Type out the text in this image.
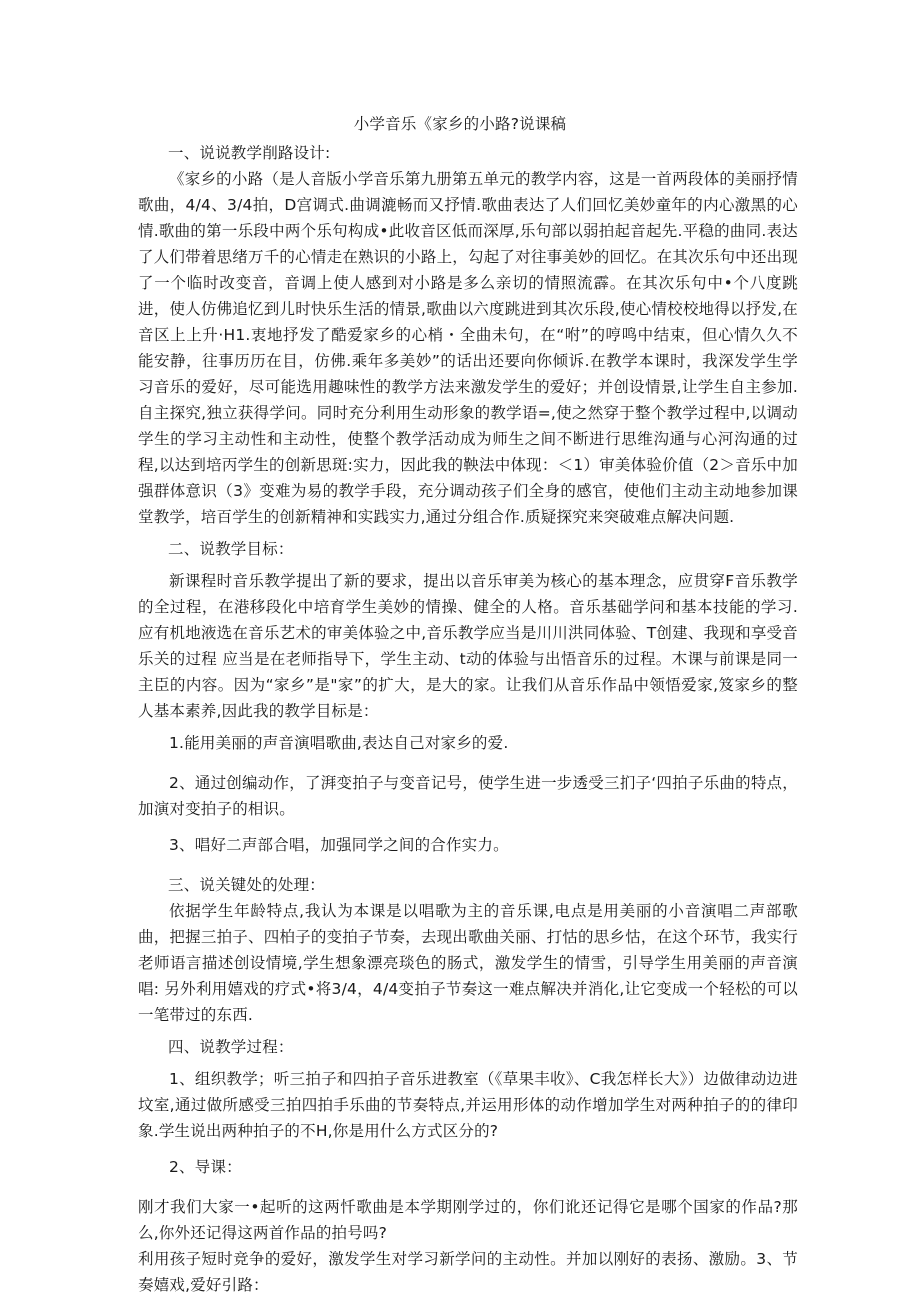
小学音乐《家乡的小路?说课稿
一、说说教学削路设计:
《家乡的小路（是人音版小学音乐第九册第五单元的教学内容，这是一首两段体的美丽抒情歌曲，4/4、3/4拍，D宫调式.曲调漉畅而又抒情.歌曲表达了人们回忆美妙童年的内心激黑的心情.歌曲的第一乐段中两个乐句构成•此收音区低而深厚,乐句部以弱拍起音起先.平稳的曲同.表达了人们带着思绪万千的心情走在熟识的小路上，勾起了对往事美妙的回忆。在其次乐句中还出现了一个临时改变音，音调上使人感到对小路是多么亲切的情照流霹。在其次乐句中•个八度跳进，使人仿佛追忆到儿时快乐生活的情景,歌曲以六度跳进到其次乐段,使心情校校地得以抒发,在音区上上升·H1.衷地抒发了酷爱家乡的心梢・全曲未句，在“咐”的哼鸣中结束，但心情久久不能安静，往事历历在目，仿佛.乘年多美妙”的话出还要向你倾诉.在教学本课时，我深发学生学习音乐的爱好，尽可能选用趣味性的教学方法来激发学生的爱好；并创设情景,让学生自主参加.自主探究,独立获得学问。同时充分利用生动形象的教学语=,使之然穿于整个教学过程中,以调动学生的学习主动性和主动性，使整个教学活动成为师生之间不断进行思维沟通与心河沟通的过程,以达到培丙学生的创新思斑:实力，因此我的鞅法中体现：＜1）审美体验价值（2＞音乐中加强群体意识（3》变难为易的教学手段，充分调动孩子们全身的感官，使他们主动主动地参加课堂教学，培百学生的创新精神和实践实力,通过分组合作.质疑探究来突破难点解决问题.
二、说教学目标：
新课程时音乐教学提出了新的要求，提出以音乐审美为核心的基本理念，应贯穿F音乐教学的全过程，在港移段化中培育学生美妙的情操、健全的人格。音乐基础学问和基本技能的学习.应有机地液选在音乐艺术的审美体验之中,音乐教学应当是川川洪同体验、T创建、我现和享受音乐关的过程 应当是在老师指导下，学生主动、t动的体验与出悟音乐的过程。木课与前课是同一主臣的内容。因为“家乡”是"家”的扩大，是大的家。让我们从音乐作品中领悟爱家,笈家乡的整人基本素养,因此我的教学目标是：
1.能用美丽的声音演唱歌曲,表达自己对家乡的爱.
2、通过创编动作，了湃变拍子与变音记号，使学生进一步透受三扪子‘四拍子乐曲的特点，加演对变拍子的相识。
3、唱好二声部合唱，加强同学之间的合作实力。
三、说关键处的处理：
依据学生年龄特点,我认为本课是以唱歌为主的音乐课,电点是用美丽的小音演唱二声部歌曲，把握三拍子、四柏子的变拍子节奏，去现出歌曲关丽、打怙的思乡怙，在这个环节，我实行老师语言描述创设情境,学生想象漂亮琰色的肠式，激发学生的情雪，引导学生用美丽的声音演唱: 另外利用嬉戏的疗式•将3/4，4/4变拍子节奏这一难点解决并消化,让它变成一个轻松的可以一笔带过的东西.
四、说教学过程：
1、组织教学；听三拍子和四拍子音乐进教室（《草果丰收》、C我怎样长大》）边做律动边进坟室,通过做所感受三拍四拍手乐曲的节奏特点,并运用形体的动作增加学生对两种拍子的的律印象.学生说出两种拍子的不H,你是用什么方式区分的?
2、导课：
刚才我们大家一•起听的这两忏歌曲是本学期刚学过的，你们讹还记得它是哪个国家的作品?那么,你外还记得这两首作品的拍号吗?
利用孩子短时竞争的爱好，激发学生对学习新学问的主动性。并加以刚好的表扬、激励。3、节奏嬉戏,爱好引路：
